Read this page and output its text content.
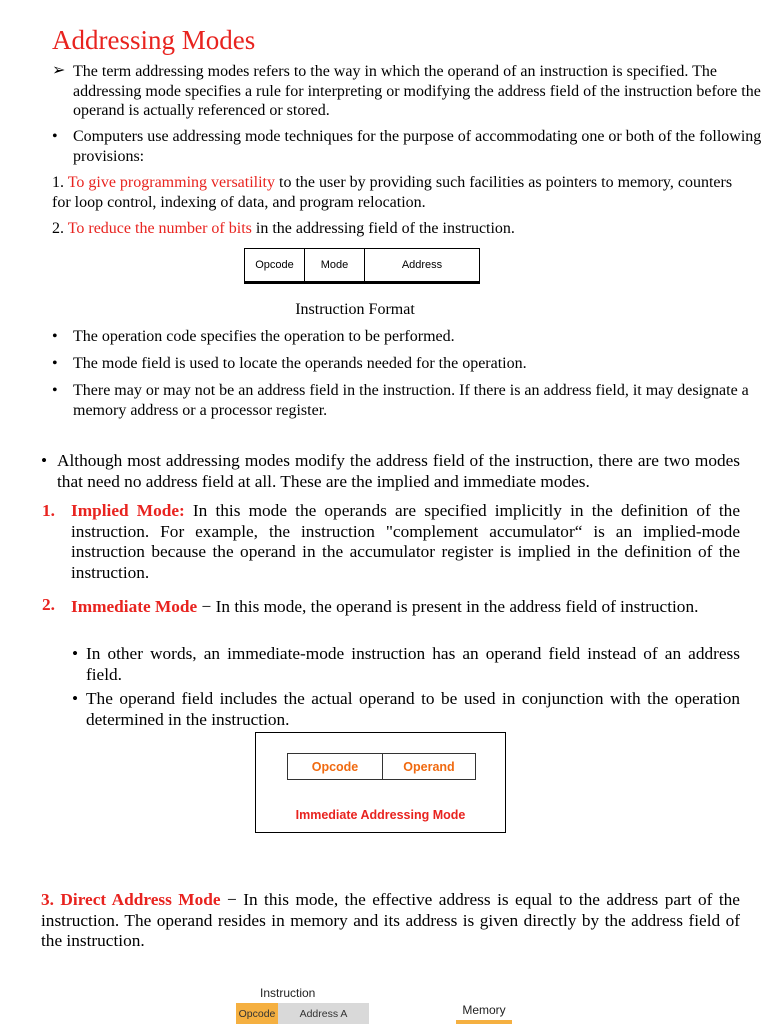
Addressing Modes
➢ The term addressing modes refers to the way in which the operand of an instruction is specified. The addressing mode specifies a rule for interpreting or modifying the address field of the instruction before the operand is actually referenced or stored.
• Computers use addressing mode techniques for the purpose of accommodating one or both of the following provisions:
1. To give programming versatility to the user by providing such facilities as pointers to memory, counters for loop control, indexing of data, and program relocation.
2. To reduce the number of bits in the addressing field of the instruction.
Opcode	Mode	Address
Instruction Format
• The operation code specifies the operation to be performed.
• The mode field is used to locate the operands needed for the operation.
• There may or may not be an address field in the instruction. If there is an address field, it may designate a memory address or a processor register.
• Although most addressing modes modify the address field of the instruction, there are two modes that need no address field at all. These are the implied and immediate modes.
1. Implied Mode: In this mode the operands are specified implicitly in the definition of the instruction. For example, the instruction "complement accumulator“ is an implied-mode instruction because the operand in the accumulator register is implied in the definition of the instruction.
2. Immediate Mode − In this mode, the operand is present in the address field of instruction.
• In other words, an immediate-mode instruction has an operand field instead of an address field.
• The operand field includes the actual operand to be used in conjunction with the operation determined in the instruction.
Opcode	Operand
Immediate Addressing Mode
3. Direct Address Mode − In this mode, the effective address is equal to the address part of the instruction. The operand resides in memory and its address is given directly by the address field of the instruction.
Instruction
Opcode	Address A	Memory
